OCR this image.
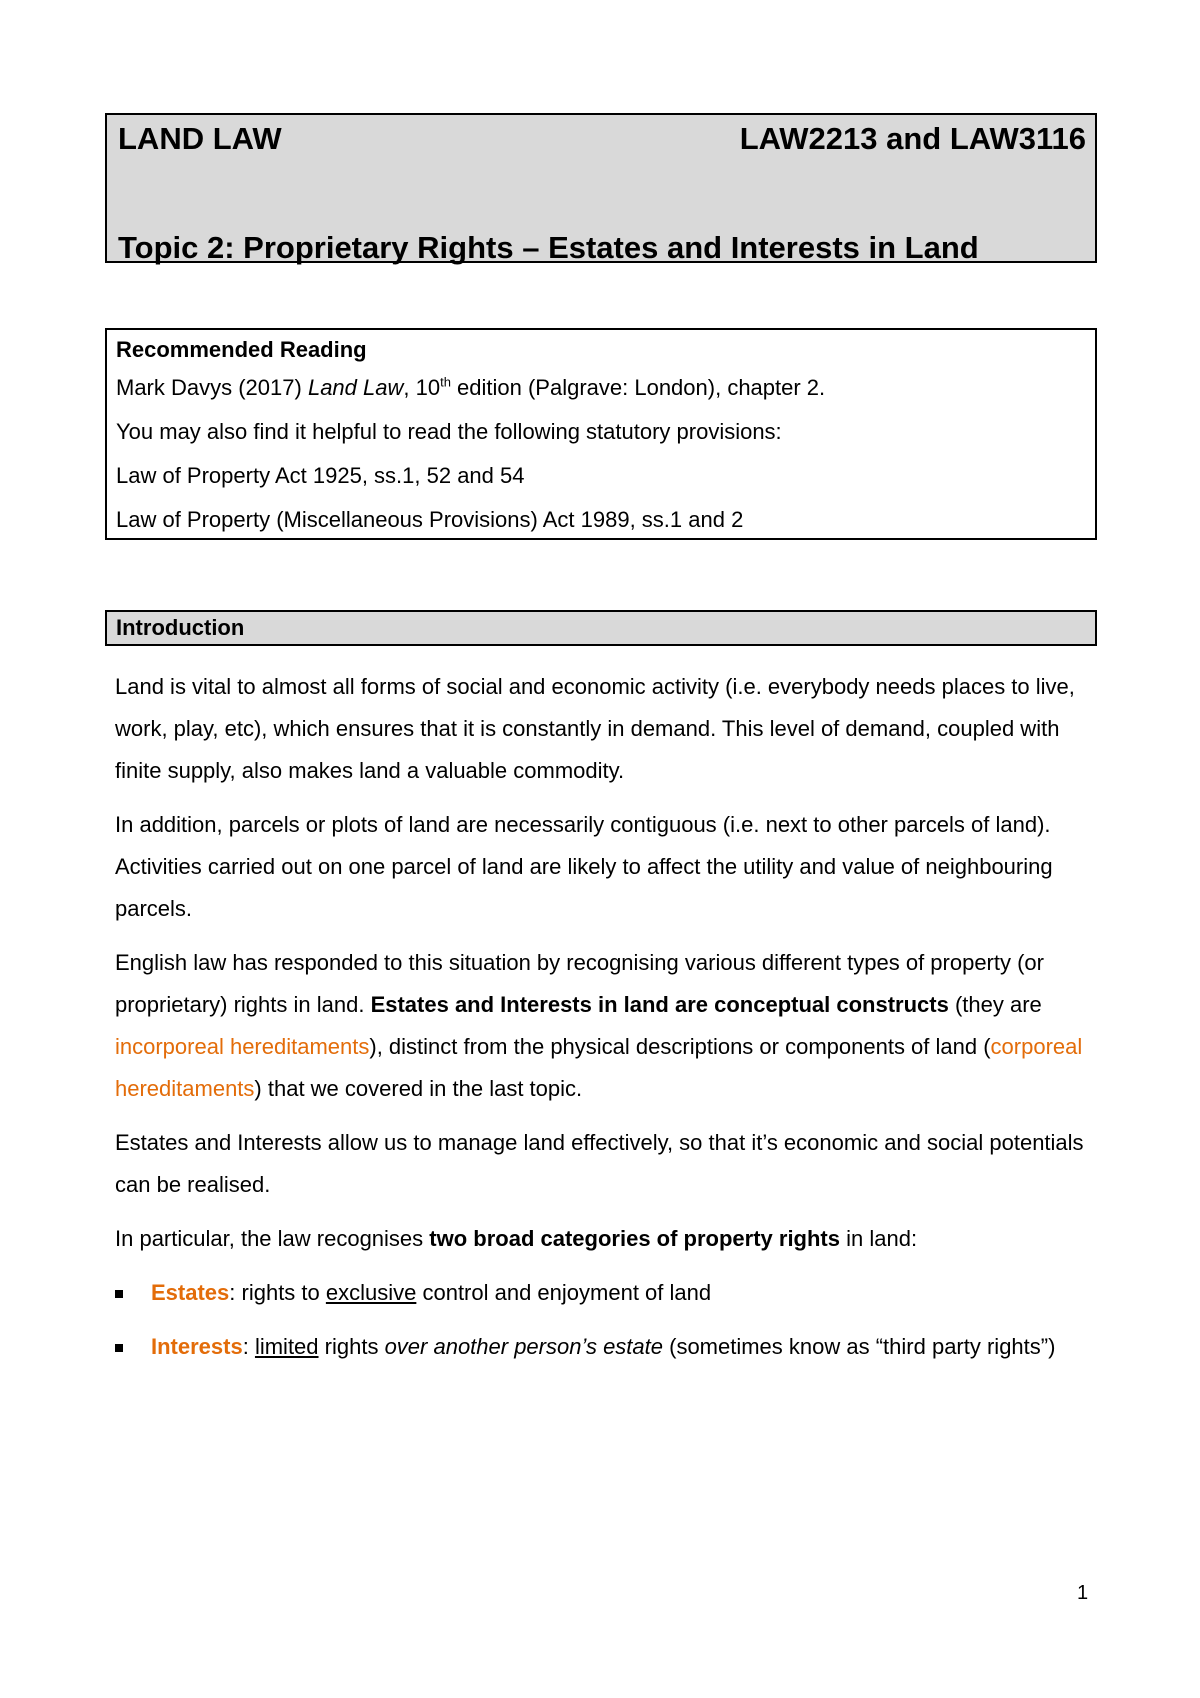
LAND LAW	LAW2213 and LAW3116
Topic 2: Proprietary Rights – Estates and Interests in Land
Recommended Reading
Mark Davys (2017) Land Law, 10th edition (Palgrave: London), chapter 2.
You may also find it helpful to read the following statutory provisions:
Law of Property Act 1925, ss.1, 52 and 54
Law of Property (Miscellaneous Provisions) Act 1989, ss.1 and 2
Introduction

Land is vital to almost all forms of social and economic activity (i.e. everybody needs places to live, work, play, etc), which ensures that it is constantly in demand. This level of demand, coupled with finite supply, also makes land a valuable commodity.

In addition, parcels or plots of land are necessarily contiguous (i.e. next to other parcels of land). Activities carried out on one parcel of land are likely to affect the utility and value of neighbouring parcels.

English law has responded to this situation by recognising various different types of property (or proprietary) rights in land. Estates and Interests in land are conceptual constructs (they are incorporeal hereditaments), distinct from the physical descriptions or components of land (corporeal hereditaments) that we covered in the last topic.

Estates and Interests allow us to manage land effectively, so that it’s economic and social potentials can be realised.

In particular, the law recognises two broad categories of property rights in land:

Estates: rights to exclusive control and enjoyment of land
Interests: limited rights over another person’s estate (sometimes know as “third party rights”)
1
